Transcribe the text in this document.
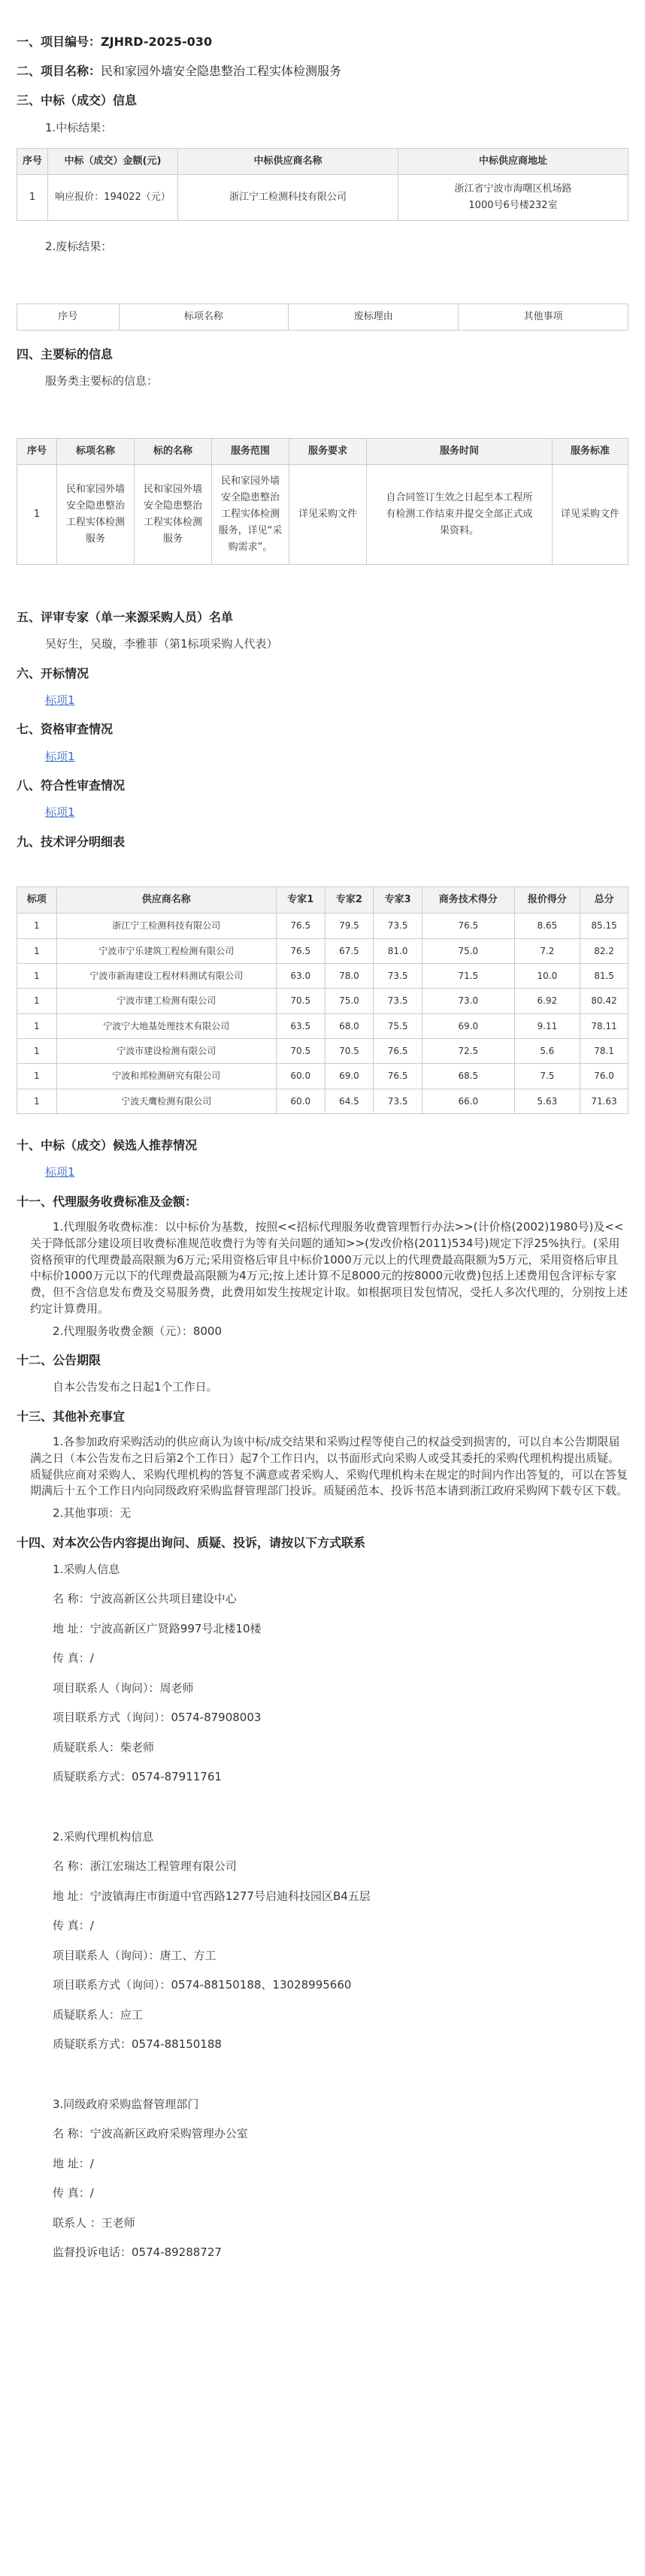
一、项目编号：ZJHRD-2025-030
二、项目名称：民和家园外墙安全隐患整治工程实体检测服务
三、中标（成交）信息
1.中标结果：
序号	中标（成交）金额(元)	中标供应商名称	中标供应商地址
1	响应报价：194022（元）	浙江宁工检测科技有限公司	浙江省宁波市海曙区机场路1000号6号楼232室
2.废标结果：
序号	标项名称	废标理由	其他事项
四、主要标的信息
服务类主要标的信息：
序号	标项名称	标的名称	服务范围	服务要求	服务时间	服务标准
1	民和家园外墙安全隐患整治工程实体检测服务	民和家园外墙安全隐患整治工程实体检测服务	民和家园外墙安全隐患整治工程实体检测服务，详见“采购需求”。	详见采购文件	自合同签订生效之日起至本工程所有检测工作结束并提交全部正式成果资料。	详见采购文件
五、评审专家（单一来源采购人员）名单
吴好生，吴璇，李雅菲（第1标项采购人代表）
六、开标情况
标项1
七、资格审查情况
标项1
八、符合性审查情况
标项1
九、技术评分明细表
标项	供应商名称	专家1	专家2	专家3	商务技术得分	报价得分	总分
1	浙江宁工检测科技有限公司	76.5	79.5	73.5	76.5	8.65	85.15
1	宁波市宁乐建筑工程检测有限公司	76.5	67.5	81.0	75.0	7.2	82.2
1	宁波市新海建设工程材料测试有限公司	63.0	78.0	73.5	71.5	10.0	81.5
1	宁波市建工检测有限公司	70.5	75.0	73.5	73.0	6.92	80.42
1	宁波宁大地基处理技术有限公司	63.5	68.0	75.5	69.0	9.11	78.11
1	宁波市建设检测有限公司	70.5	70.5	76.5	72.5	5.6	78.1
1	宁波和邦检测研究有限公司	60.0	69.0	76.5	68.5	7.5	76.0
1	宁波天鹰检测有限公司	60.0	64.5	73.5	66.0	5.63	71.63
十、中标（成交）候选人推荐情况
标项1
十一、代理服务收费标准及金额：
1.代理服务收费标准：以中标价为基数，按照<<招标代理服务收费管理暂行办法>>(计价格(2002)1980号)及<<关于降低部分建设项目收费标准规范收费行为等有关问题的通知>>(发改价格(2011)534号)规定下浮25%执行。(采用资格预审的代理费最高限额为6万元;采用资格后审且中标价1000万元以上的代理费最高限额为5万元，采用资格后审且中标价1000万元以下的代理费最高限额为4万元;按上述计算不足8000元的按8000元收费)包括上述费用包含评标专家费，但不含信息发布费及交易服务费，此费用如发生按规定计取。如根据项目发包情况，受托人多次代理的，分别按上述约定计算费用。
2.代理服务收费金额（元）：8000
十二、公告期限
自本公告发布之日起1个工作日。
十三、其他补充事宜
1.各参加政府采购活动的供应商认为该中标/成交结果和采购过程等使自己的权益受到损害的，可以自本公告期限届满之日（本公告发布之日后第2个工作日）起7个工作日内，以书面形式向采购人或受其委托的采购代理机构提出质疑。质疑供应商对采购人、采购代理机构的答复不满意或者采购人、采购代理机构未在规定的时间内作出答复的，可以在答复期满后十五个工作日内向同级政府采购监督管理部门投诉。质疑函范本、投诉书范本请到浙江政府采购网下载专区下载。
2.其他事项：无
十四、对本次公告内容提出询问、质疑、投诉，请按以下方式联系
1.采购人信息
名 称：宁波高新区公共项目建设中心
地 址：宁波高新区广贤路997号北楼10楼
传 真：/
项目联系人（询问）：周老师
项目联系方式（询问）：0574-87908003
质疑联系人：柴老师
质疑联系方式：0574-87911761
2.采购代理机构信息
名 称：浙江宏瑞达工程管理有限公司
地 址：宁波镇海庄市街道中官西路1277号启迪科技园区B4五层
传 真：/
项目联系人（询问）：唐工、方工
项目联系方式（询问）：0574-88150188、13028995660
质疑联系人：应工
质疑联系方式：0574-88150188
3.同级政府采购监督管理部门
名 称：宁波高新区政府采购管理办公室
地 址：/
传 真：/
联系人 ：王老师
监督投诉电话：0574-89288727
